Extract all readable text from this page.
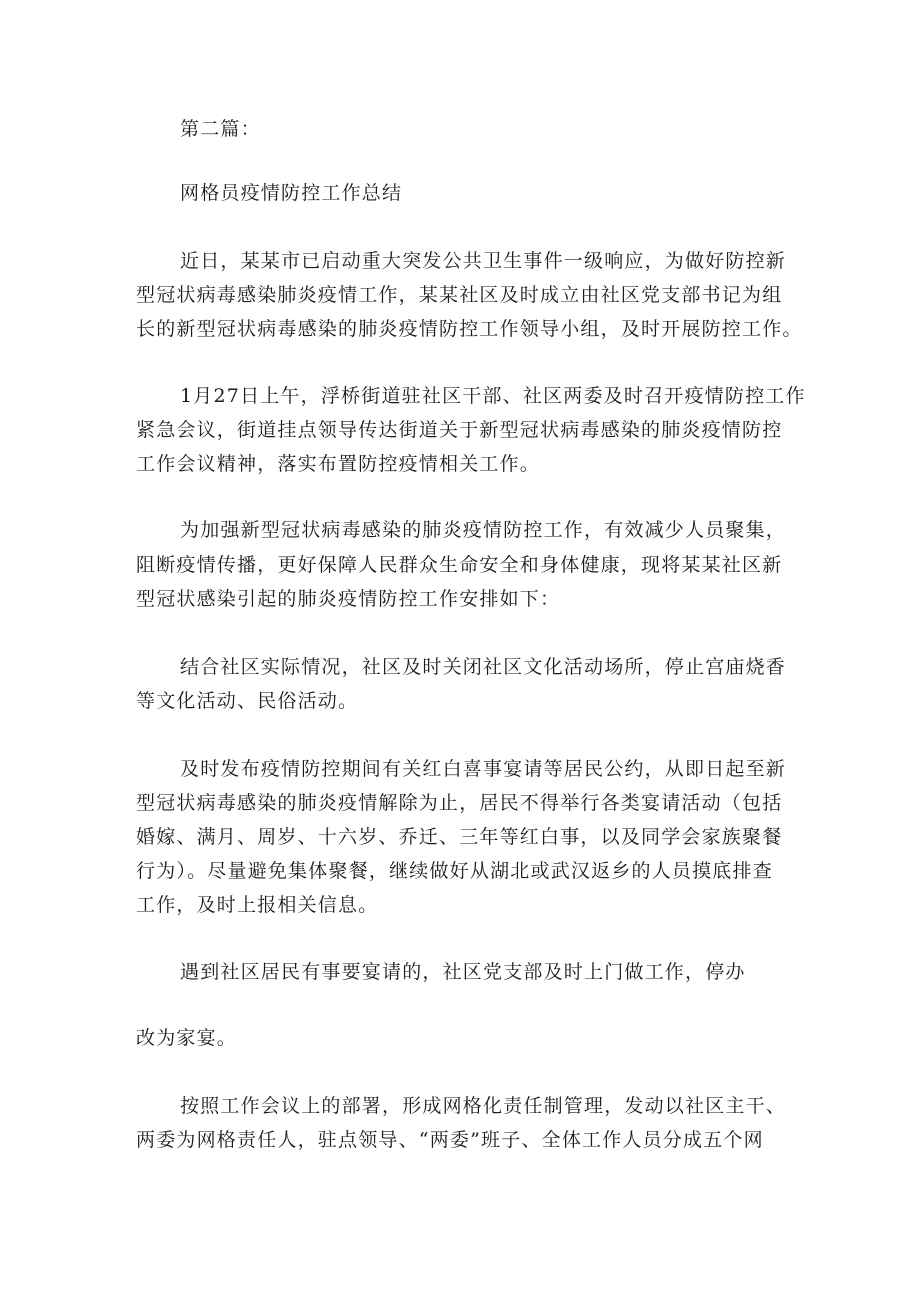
第二篇：
网格员疫情防控工作总结
近日，某某市已启动重大突发公共卫生事件一级响应，为做好防控新
型冠状病毒感染肺炎疫情工作，某某社区及时成立由社区党支部书记为组
长的新型冠状病毒感染的肺炎疫情防控工作领导小组，及时开展防控工作。
1月27日上午，浮桥街道驻社区干部、社区两委及时召开疫情防控工作
紧急会议，街道挂点领导传达街道关于新型冠状病毒感染的肺炎疫情防控
工作会议精神，落实布置防控疫情相关工作。
为加强新型冠状病毒感染的肺炎疫情防控工作，有效减少人员聚集，
阻断疫情传播，更好保障人民群众生命安全和身体健康，现将某某社区新
型冠状感染引起的肺炎疫情防控工作安排如下：
结合社区实际情况，社区及时关闭社区文化活动场所，停止宫庙烧香
等文化活动、民俗活动。
及时发布疫情防控期间有关红白喜事宴请等居民公约，从即日起至新
型冠状病毒感染的肺炎疫情解除为止，居民不得举行各类宴请活动（包括
婚嫁、满月、周岁、十六岁、乔迁、三年等红白事，以及同学会家族聚餐
行为）。尽量避免集体聚餐，继续做好从湖北或武汉返乡的人员摸底排查
工作，及时上报相关信息。
遇到社区居民有事要宴请的，社区党支部及时上门做工作，停办
改为家宴。
按照工作会议上的部署，形成网格化责任制管理，发动以社区主干、
两委为网格责任人，驻点领导、“两委”班子、全体工作人员分成五个网
